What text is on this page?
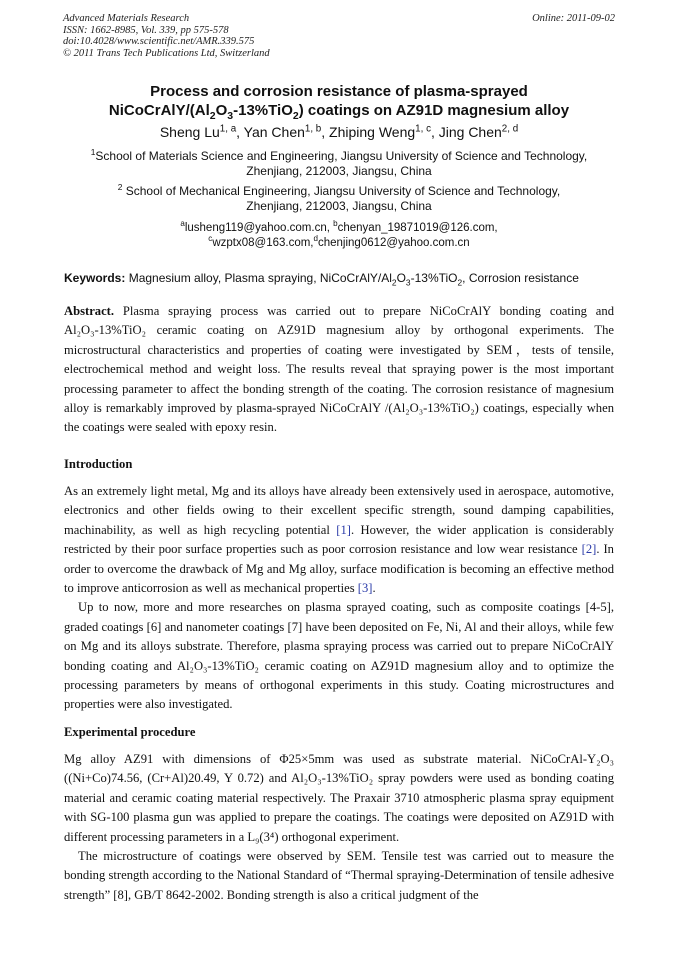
Advanced Materials Research
ISSN: 1662-8985, Vol. 339, pp 575-578
doi:10.4028/www.scientific.net/AMR.339.575
© 2011 Trans Tech Publications Ltd, Switzerland
Online: 2011-09-02
Process and corrosion resistance of plasma-sprayed
NiCoCrAlY/$(Al_2O_3-13\%TiO_2)$ coatings on AZ91D magnesium alloy
Sheng Lu$^{1, a}$, Yan Chen$^{1, b}$, Zhiping Weng$^{1, c}$, Jing Chen$^{2, d}$
$^1$School of Materials Science and Engineering, Jiangsu University of Science and Technology,
Zhenjiang, 212003, Jiangsu, China
$^2$ School of Mechanical Engineering, Jiangsu University of Science and Technology,
Zhenjiang, 212003, Jiangsu, China
$^a$lusheng119@yahoo.com.cn, $^b$chenyan_19871019@126.com,
$^c$wzptx08@163.com,$^d$chenjing0612@yahoo.com.cn
Keywords: Magnesium alloy, Plasma spraying, NiCoCrAlY/$Al_2O_3-13\%TiO_2$, Corrosion resistance

Abstract. Plasma spraying process was carried out to prepare NiCoCrAlY bonding coating and Al₂O₃-13%TiO₂ ceramic coating on AZ91D magnesium alloy by orthogonal experiments. The microstructural characteristics and properties of coating were investigated by SEM，tests of tensile, electrochemical method and weight loss. The results reveal that spraying power is the most important processing parameter to affect the bonding strength of the coating. The corrosion resistance of magnesium alloy is remarkably improved by plasma-sprayed NiCoCrAlY /(Al₂O₃-13%TiO₂) coatings, especially when the coatings were sealed with epoxy resin.

Introduction

As an extremely light metal, Mg and its alloys have already been extensively used in aerospace, automotive, electronics and other fields owing to their excellent specific strength, sound damping capabilities, machinability, as well as high recycling potential [1]. However, the wider application is considerably restricted by their poor surface properties such as poor corrosion resistance and low wear resistance [2]. In order to overcome the drawback of Mg and Mg alloy, surface modification is becoming an effective method to improve anticorrosion as well as mechanical properties [3].

Up to now, more and more researches on plasma sprayed coating, such as composite coatings [4-5], graded coatings [6] and nanometer coatings [7] have been deposited on Fe, Ni, Al and their alloys, while few on Mg and its alloys substrate. Therefore, plasma spraying process was carried out to prepare NiCoCrAlY bonding coating and Al₂O₃-13%TiO₂ ceramic coating on AZ91D magnesium alloy and to optimize the processing parameters by means of orthogonal experiments in this study. Coating microstructures and properties were also investigated.

Experimental procedure

Mg alloy AZ91 with dimensions of Φ25×5mm was used as substrate material. NiCoCrAl-Y₂O₃ ((Ni+Co)74.56, (Cr+Al)20.49, Y 0.72) and Al₂O₃-13%TiO₂ spray powders were used as bonding coating material and ceramic coating material respectively. The Praxair 3710 atmospheric plasma spray equipment with SG-100 plasma gun was applied to prepare the coatings. The coatings were deposited on AZ91D with different processing parameters in a L₉(3⁴) orthogonal experiment.

The microstructure of coatings were observed by SEM. Tensile test was carried out to measure the bonding strength according to the National Standard of “Thermal spraying-Determination of tensile adhesive strength” [8], GB/T 8642-2002. Bonding strength is also a critical judgment of the
